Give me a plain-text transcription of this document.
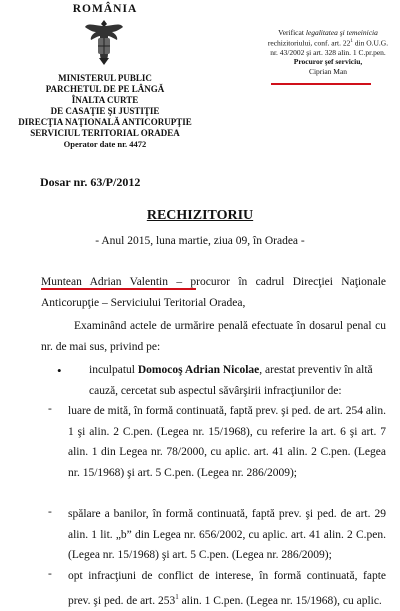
ROMÂNIA
MINISTERUL PUBLIC
PARCHETUL DE PE LÂNGĂ
ÎNALTA CURTE
DE CASAŢIE ŞI JUSTIŢIE
DIRECŢIA NAŢIONALĂ ANTICORUPŢIE
SERVICIUL TERITORIAL ORADEA
Operator date nr. 4472
Verificat legalitatea şi temeinicia
rechizitoriului, conf. art. $22^1$ din O.U.G.
nr. 43/2002 şi art. 328 alin. 1 C.pr.pen.
Procuror şef serviciu,
Ciprian Man
Dosar nr. 63/P/2012
RECHIZITORIU
- Anul 2015, luna martie, ziua 09, în Oradea -
Muntean Adrian Valentin – procuror în cadrul Direcţiei Naţionale Anticorupţie – Serviciului Teritorial Oradea,
Examinând actele de urmărire penală efectuate în dosarul penal cu nr. de mai sus, privind pe:
• inculpatul Domocoş Adrian Nicolae, arestat preventiv în altă cauză, cercetat sub aspectul săvârşirii infracţiunilor de:
- luare de mită, în formă continuată, faptă prev. şi ped. de art. 254 alin. 1 şi alin. 2 C.pen. (Legea nr. 15/1968), cu referire la art. 6 şi art. 7 alin. 1 din Legea nr. 78/2000, cu aplic. art. 41 alin. 2 C.pen. (Legea nr. 15/1968) şi art. 5 C.pen. (Legea nr. 286/2009);
- spălare a banilor, în formă continuată, faptă prev. şi ped. de art. 29 alin. 1 lit. „b” din Legea nr. 656/2002, cu aplic. art. 41 alin. 2 C.pen. (Legea nr. 15/1968) şi art. 5 C.pen. (Legea nr. 286/2009);
- opt infracţiuni de conflict de interese, în formă continuată, fapte prev. şi ped. de art. $253^1$ alin. 1 C.pen. (Legea nr. 15/1968), cu aplic.
